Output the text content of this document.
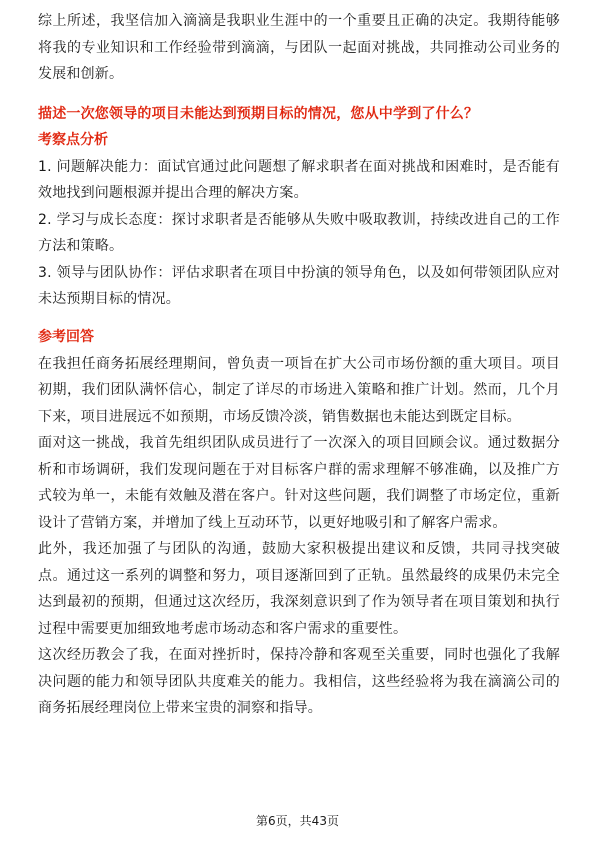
综上所述，我坚信加入滴滴是我职业生涯中的一个重要且正确的决定。我期待能够将我的专业知识和工作经验带到滴滴，与团队一起面对挑战，共同推动公司业务的发展和创新。

描述一次您领导的项目未能达到预期目标的情况，您从中学到了什么？
考察点分析

1. 问题解决能力：面试官通过此问题想了解求职者在面对挑战和困难时，是否能有效地找到问题根源并提出合理的解决方案。

2. 学习与成长态度：探讨求职者是否能够从失败中吸取教训，持续改进自己的工作方法和策略。

3. 领导与团队协作：评估求职者在项目中扮演的领导角色，以及如何带领团队应对未达预期目标的情况。

参考回答

在我担任商务拓展经理期间，曾负责一项旨在扩大公司市场份额的重大项目。项目初期，我们团队满怀信心，制定了详尽的市场进入策略和推广计划。然而，几个月下来，项目进展远不如预期，市场反馈冷淡，销售数据也未能达到既定目标。

面对这一挑战，我首先组织团队成员进行了一次深入的项目回顾会议。通过数据分析和市场调研，我们发现问题在于对目标客户群的需求理解不够准确，以及推广方式较为单一，未能有效触及潜在客户。针对这些问题，我们调整了市场定位，重新设计了营销方案，并增加了线上互动环节，以更好地吸引和了解客户需求。

此外，我还加强了与团队的沟通，鼓励大家积极提出建议和反馈，共同寻找突破点。通过这一系列的调整和努力，项目逐渐回到了正轨。虽然最终的成果仍未完全达到最初的预期，但通过这次经历，我深刻意识到了作为领导者在项目策划和执行过程中需要更加细致地考虑市场动态和客户需求的重要性。

这次经历教会了我，在面对挫折时，保持冷静和客观至关重要，同时也强化了我解决问题的能力和领导团队共度难关的能力。我相信，这些经验将为我在滴滴公司的商务拓展经理岗位上带来宝贵的洞察和指导。

第6页，共43页
